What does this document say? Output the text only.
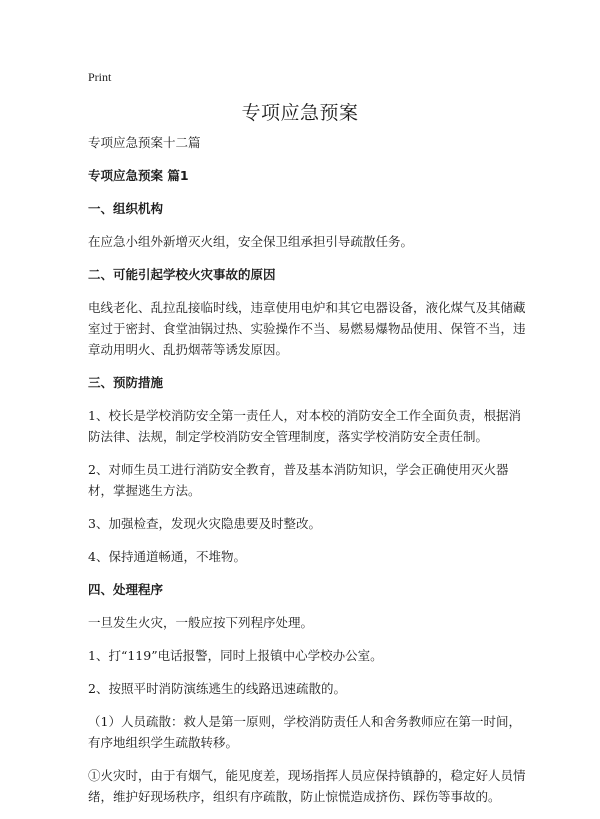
Print
专项应急预案

专项应急预案十二篇

专项应急预案 篇1

一、组织机构

在应急小组外新增灭火组，安全保卫组承担引导疏散任务。

二、可能引起学校火灾事故的原因

电线老化、乱拉乱接临时线，违章使用电炉和其它电器设备，液化煤气及其储藏室过于密封、食堂油锅过热、实验操作不当、易燃易爆物品使用、保管不当，违章动用明火、乱扔烟蒂等诱发原因。

三、预防措施

1、校长是学校消防安全第一责任人，对本校的消防安全工作全面负责，根据消防法律、法规，制定学校消防安全管理制度，落实学校消防安全责任制。

2、对师生员工进行消防安全教育，普及基本消防知识，学会正确使用灭火器材，掌握逃生方法。

3、加强检查，发现火灾隐患要及时整改。

4、保持通道畅通，不堆物。

四、处理程序

一旦发生火灾，一般应按下列程序处理。

1、打“119”电话报警，同时上报镇中心学校办公室。

2、按照平时消防演练逃生的线路迅速疏散的。

（1）人员疏散：救人是第一原则，学校消防责任人和舍务教师应在第一时间，有序地组织学生疏散转移。

①火灾时，由于有烟气，能见度差，现场指挥人员应保持镇静的，稳定好人员情绪，维护好现场秩序，组织有序疏散，防止惊慌造成挤伤、踩伤等事故的。
